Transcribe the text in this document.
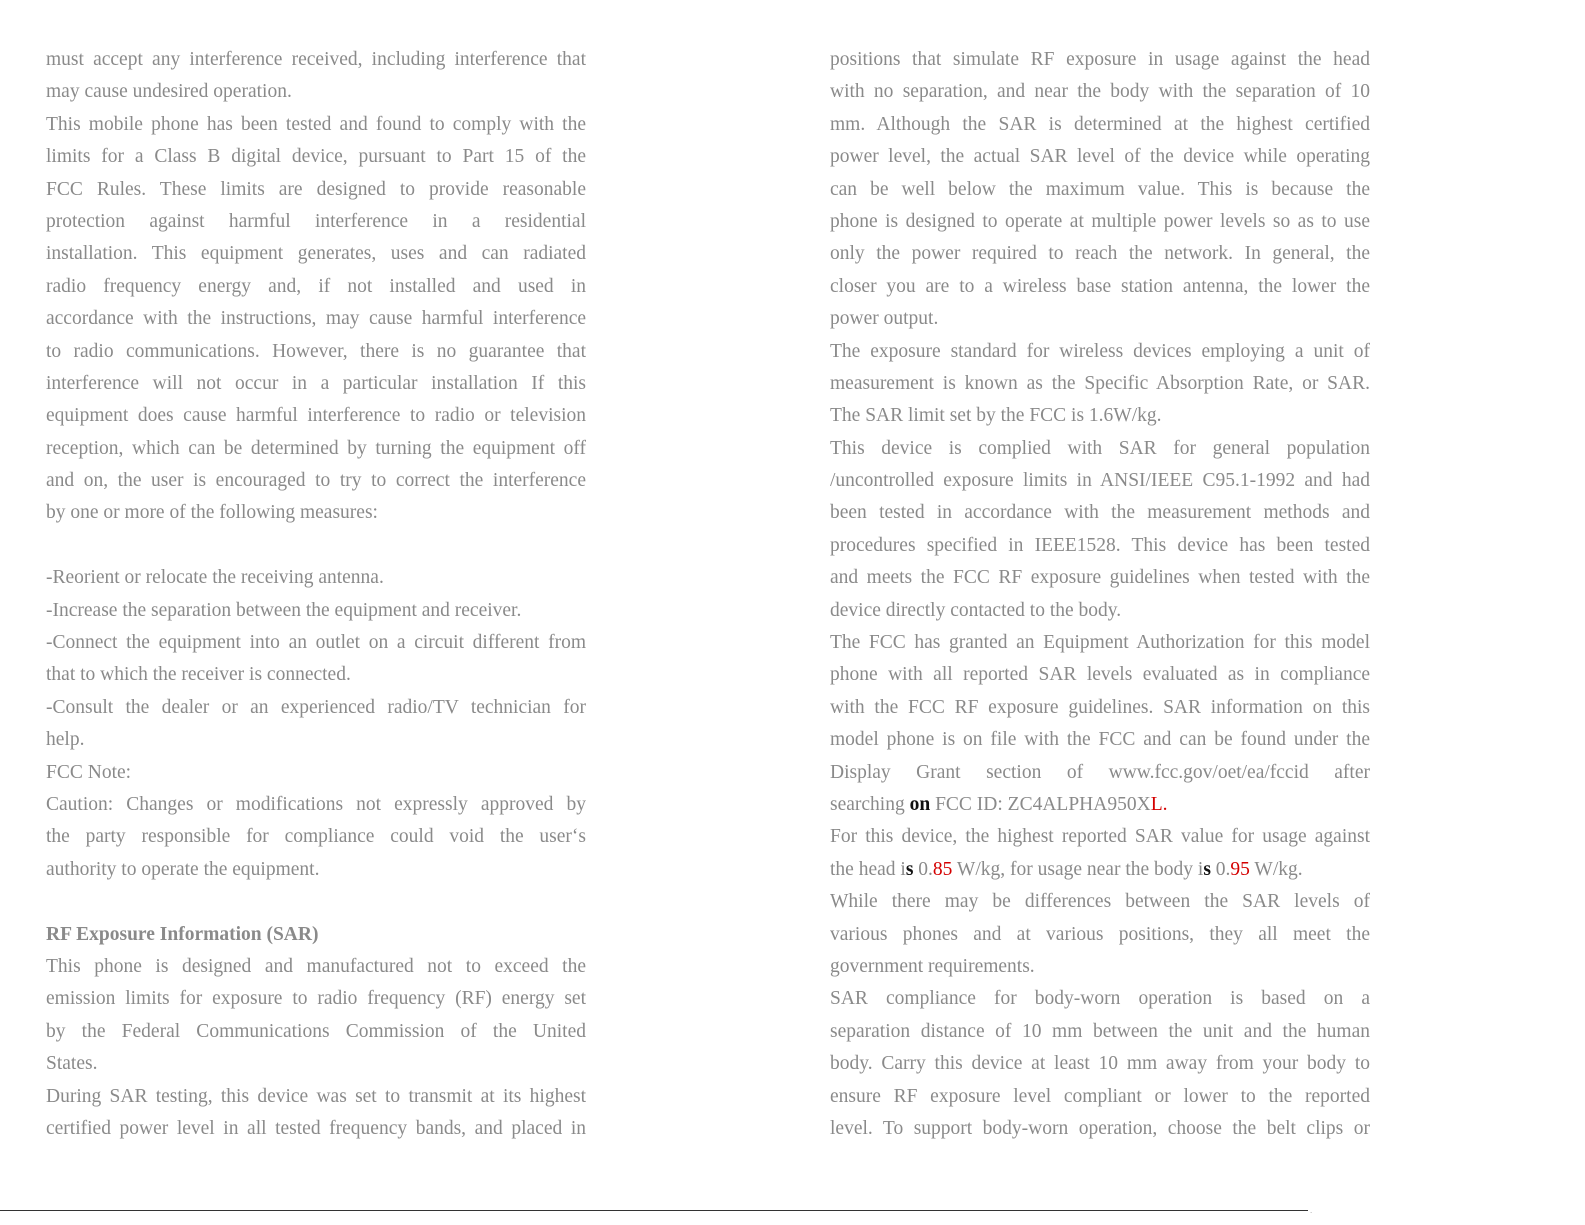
must accept any interference received, including interference that
may cause undesired operation.
This mobile phone has been tested and found to comply with the
limits for a Class B digital device, pursuant to Part 15 of the
FCC Rules. These limits are designed to provide reasonable
protection against harmful interference in a residential
installation. This equipment generates, uses and can radiated
radio frequency energy and, if not installed and used in
accordance with the instructions, may cause harmful interference
to radio communications. However, there is no guarantee that
interference will not occur in a particular installation If this
equipment does cause harmful interference to radio or television
reception, which can be determined by turning the equipment off
and on, the user is encouraged to try to correct the interference
by one or more of the following measures:
-Reorient or relocate the receiving antenna.
-Increase the separation between the equipment and receiver.
-Connect the equipment into an outlet on a circuit different from
that to which the receiver is connected.
-Consult the dealer or an experienced radio/TV technician for
help.
FCC Note:
Caution: Changes or modifications not expressly approved by
the party responsible for compliance could void the user‘s
authority to operate the equipment.
RF Exposure Information (SAR)
This phone is designed and manufactured not to exceed the
emission limits for exposure to radio frequency (RF) energy set
by the Federal Communications Commission of the United
States.
During SAR testing, this device was set to transmit at its highest
certified power level in all tested frequency bands, and placed in
positions that simulate RF exposure in usage against the head
with no separation, and near the body with the separation of 10
mm. Although the SAR is determined at the highest certified
power level, the actual SAR level of the device while operating
can be well below the maximum value. This is because the
phone is designed to operate at multiple power levels so as to use
only the power required to reach the network. In general, the
closer you are to a wireless base station antenna, the lower the
power output.
The exposure standard for wireless devices employing a unit of
measurement is known as the Specific Absorption Rate, or SAR.
The SAR limit set by the FCC is 1.6W/kg.
This device is complied with SAR for general population
/uncontrolled exposure limits in ANSI/IEEE C95.1-1992 and had
been tested in accordance with the measurement methods and
procedures specified in IEEE1528. This device has been tested
and meets the FCC RF exposure guidelines when tested with the
device directly contacted to the body.
The FCC has granted an Equipment Authorization for this model
phone with all reported SAR levels evaluated as in compliance
with the FCC RF exposure guidelines. SAR information on this
model phone is on file with the FCC and can be found under the
Display Grant section of www.fcc.gov/oet/ea/fccid after
searching on FCC ID: ZC4ALPHA950XL.
For this device, the highest reported SAR value for usage against
the head is 0.85 W/kg, for usage near the body is 0.95 W/kg.
While there may be differences between the SAR levels of
various phones and at various positions, they all meet the
government requirements.
SAR compliance for body-worn operation is based on a
separation distance of 10 mm between the unit and the human
body. Carry this device at least 10 mm away from your body to
ensure RF exposure level compliant or lower to the reported
level. To support body-worn operation, choose the belt clips or
.
